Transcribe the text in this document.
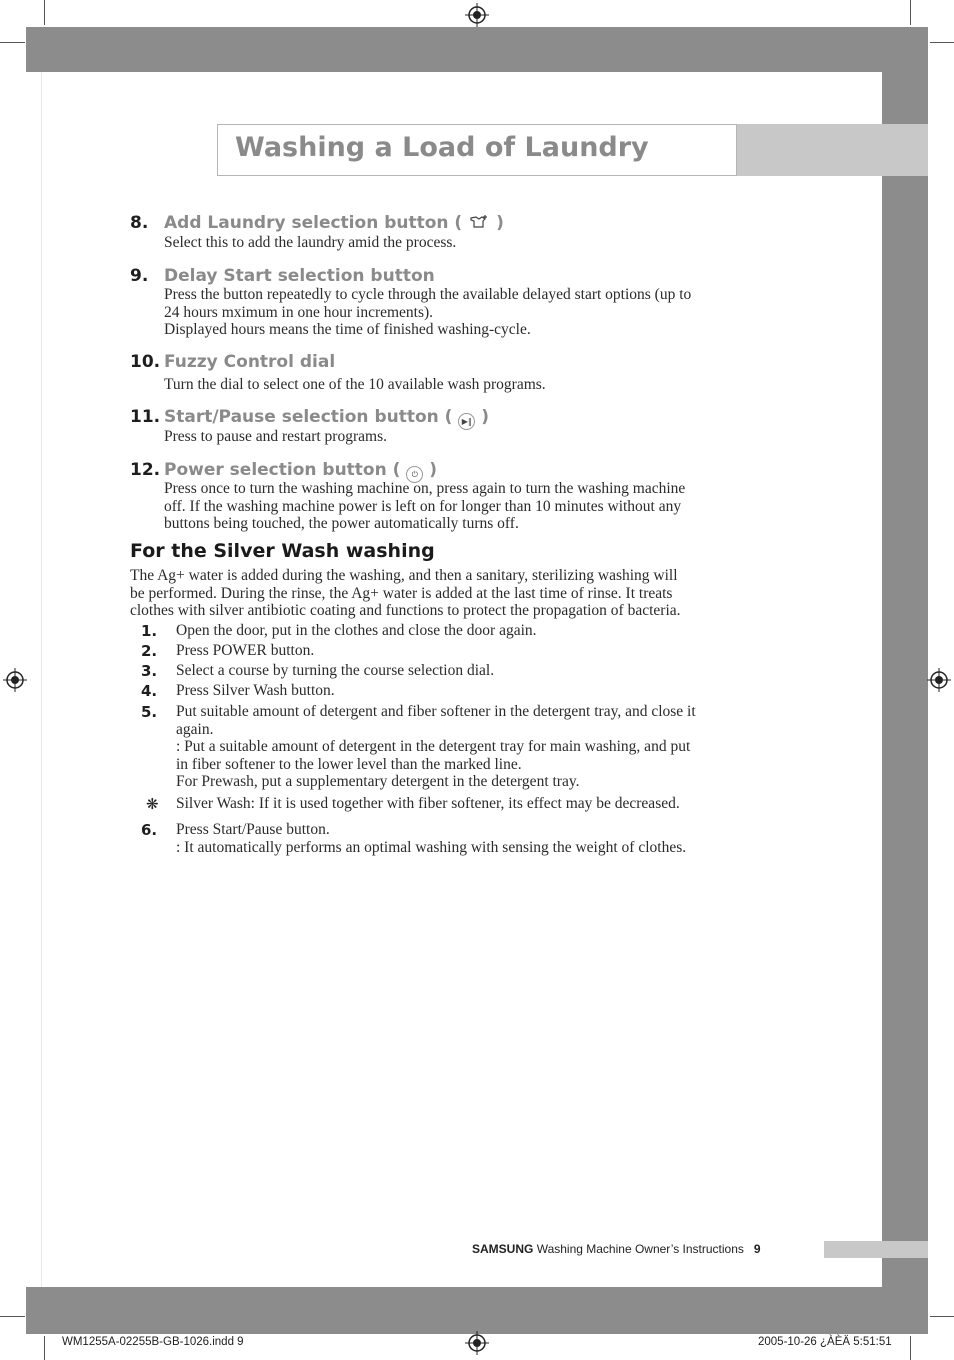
Washing a Load of Laundry
8. Add Laundry selection button ( )
Select this to add the laundry amid the process.
9. Delay Start selection button
Press the button repeatedly to cycle through the available delayed start options (up to
24 hours mximum in one hour increments).
Displayed hours means the time of finished washing-cycle.
10. Fuzzy Control dial
Turn the dial to select one of the 10 available wash programs.
11. Start/Pause selection button ( ▶‖ )
Press to pause and restart programs.
12. Power selection button ( ⏻ )
Press once to turn the washing machine on, press again to turn the washing machine
off. If the washing machine power is left on for longer than 10 minutes without any
buttons being touched, the power automatically turns off.
For the Silver Wash washing
The Ag+ water is added during the washing, and then a sanitary, sterilizing washing will
be performed. During the rinse, the Ag+ water is added at the last time of rinse. It treats
clothes with silver antibiotic coating and functions to protect the propagation of bacteria.
1. Open the door, put in the clothes and close the door again.
2. Press POWER button.
3. Select a course by turning the course selection dial.
4. Press Silver Wash button.
5. Put suitable amount of detergent and fiber softener in the detergent tray, and close it
again.
: Put a suitable amount of detergent in the detergent tray for main washing, and put
in fiber softener to the lower level than the marked line.
For Prewash, put a supplementary detergent in the detergent tray.
❋ Silver Wash: If it is used together with fiber softener, its effect may be decreased.
6. Press Start/Pause button.
: It automatically performs an optimal washing with sensing the weight of clothes.
SAMSUNG Washing Machine Owner’s Instructions 9
WM1255A-02255B-GB-1026.indd 9	2005-10-26 ¿ÀÈÄ 5:51:51
